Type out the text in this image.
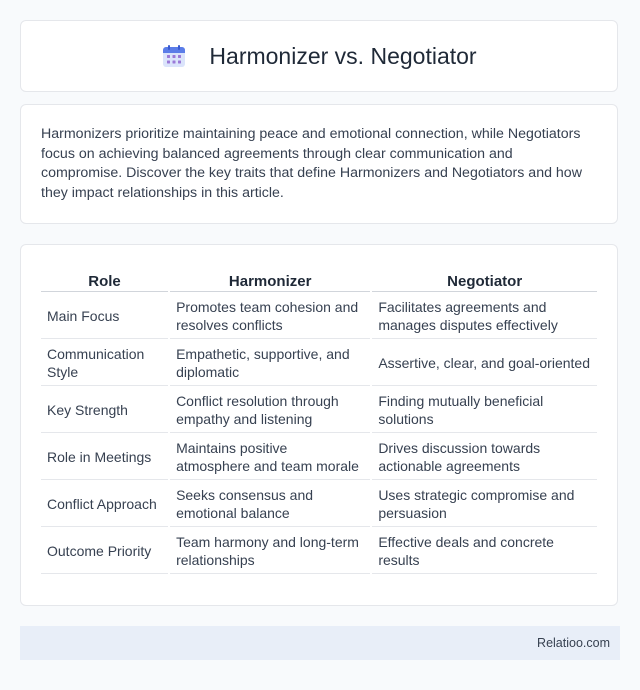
Harmonizer vs. Negotiator

Harmonizers prioritize maintaining peace and emotional connection, while Negotiators focus on achieving balanced agreements through clear communication and compromise. Discover the key traits that define Harmonizers and Negotiators and how they impact relationships in this article.

Role	Harmonizer	Negotiator
Main Focus	Promotes team cohesion and resolves conflicts	Facilitates agreements and manages disputes effectively
Communication Style	Empathetic, supportive, and diplomatic	Assertive, clear, and goal-oriented
Key Strength	Conflict resolution through empathy and listening	Finding mutually beneficial solutions
Role in Meetings	Maintains positive atmosphere and team morale	Drives discussion towards actionable agreements
Conflict Approach	Seeks consensus and emotional balance	Uses strategic compromise and persuasion
Outcome Priority	Team harmony and long-term relationships	Effective deals and concrete results
Relatioo.com
